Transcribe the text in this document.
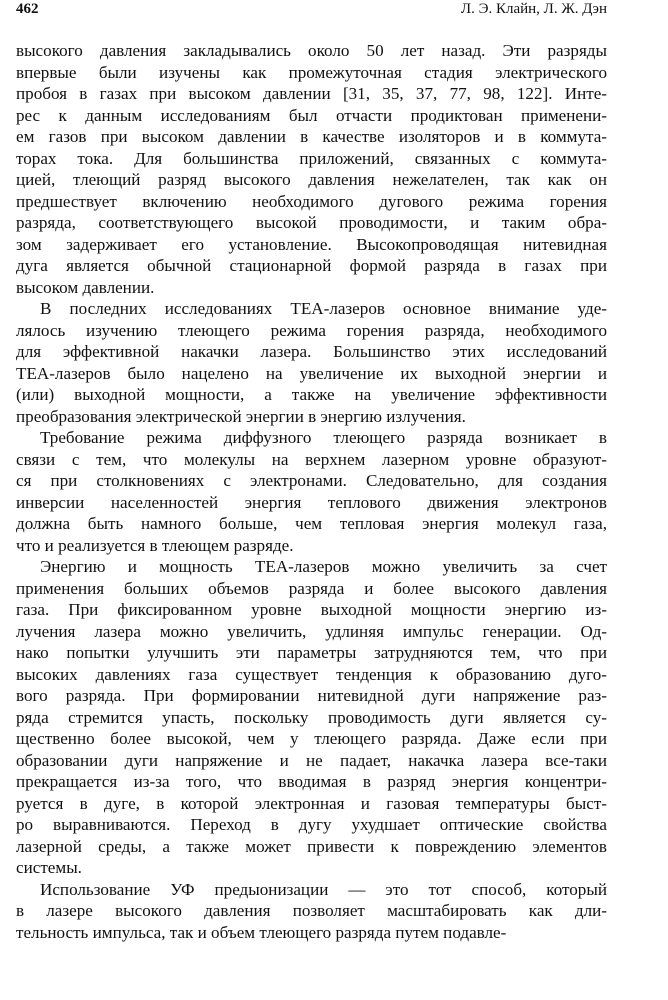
462	Л. Э. Клайн, Л. Ж. Дэн
высокого давления закладывались около 50 лет назад. Эти разряды
впервые были изучены как промежуточная стадия электрического
пробоя в газах при высоком давлении [31, 35, 37, 77, 98, 122]. Инте-
рес к данным исследованиям был отчасти продиктован применени-
ем газов при высоком давлении в качестве изоляторов и в коммута-
торах тока. Для большинства приложений, связанных с коммута-
цией, тлеющий разряд высокого давления нежелателен, так как он
предшествует включению необходимого дугового режима горения
разряда, соответствующего высокой проводимости, и таким обра-
зом задерживает его установление. Высокопроводящая нитевидная
дуга является обычной стационарной формой разряда в газах при
высоком давлении.
В последних исследованиях ТЕА-лазеров основное внимание уде-
лялось изучению тлеющего режима горения разряда, необходимого
для эффективной накачки лазера. Большинство этих исследований
ТЕА-лазеров было нацелено на увеличение их выходной энергии и
(или) выходной мощности, а также на увеличение эффективности
преобразования электрической энергии в энергию излучения.
Требование режима диффузного тлеющего разряда возникает в
связи с тем, что молекулы на верхнем лазерном уровне образуют-
ся при столкновениях с электронами. Следовательно, для создания
инверсии населенностей энергия теплового движения электронов
должна быть намного больше, чем тепловая энергия молекул газа,
что и реализуется в тлеющем разряде.
Энергию и мощность ТЕА-лазеров можно увеличить за счет
применения больших объемов разряда и более высокого давления
газа. При фиксированном уровне выходной мощности энергию из-
лучения лазера можно увеличить, удлиняя импульс генерации. Од-
нако попытки улучшить эти параметры затрудняются тем, что при
высоких давлениях газа существует тенденция к образованию дуго-
вого разряда. При формировании нитевидной дуги напряжение раз-
ряда стремится упасть, поскольку проводимость дуги является су-
щественно более высокой, чем у тлеющего разряда. Даже если при
образовании дуги напряжение и не падает, накачка лазера все-таки
прекращается из-за того, что вводимая в разряд энергия концентри-
руется в дуге, в которой электронная и газовая температуры быст-
ро выравниваются. Переход в дугу ухудшает оптические свойства
лазерной среды, а также может привести к повреждению элементов
системы.
Использование УФ предыонизации — это тот способ, который
в лазере высокого давления позволяет масштабировать как дли-
тельность импульса, так и объем тлеющего разряда путем подавле-
